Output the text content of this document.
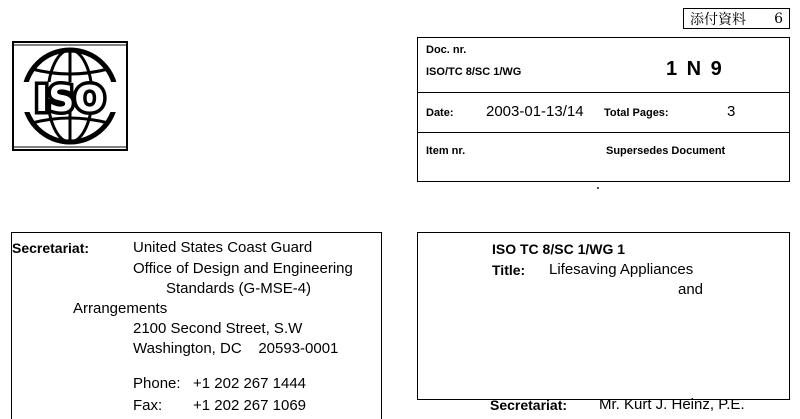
添付資料 6
ISO
Doc. nr.
ISO/TC 8/SC 1/WG	1 N 9
Date: 2003-01-13/14 Total Pages:	3
Item nr.	Supersedes Document
Secretariat:	United States Coast Guard
Office of Design and Engineering
Standards (G-MSE-4)
Arrangements
2100 Second Street, S.W
Washington, DC    20593-0001
Phone: +1 202 267 1444
Fax: +1 202 267 1069
ISO TC 8/SC 1/WG 1
Title: Lifesaving Appliances
and
Secretariat: Mr. Kurt J. Heinz, P.E.
